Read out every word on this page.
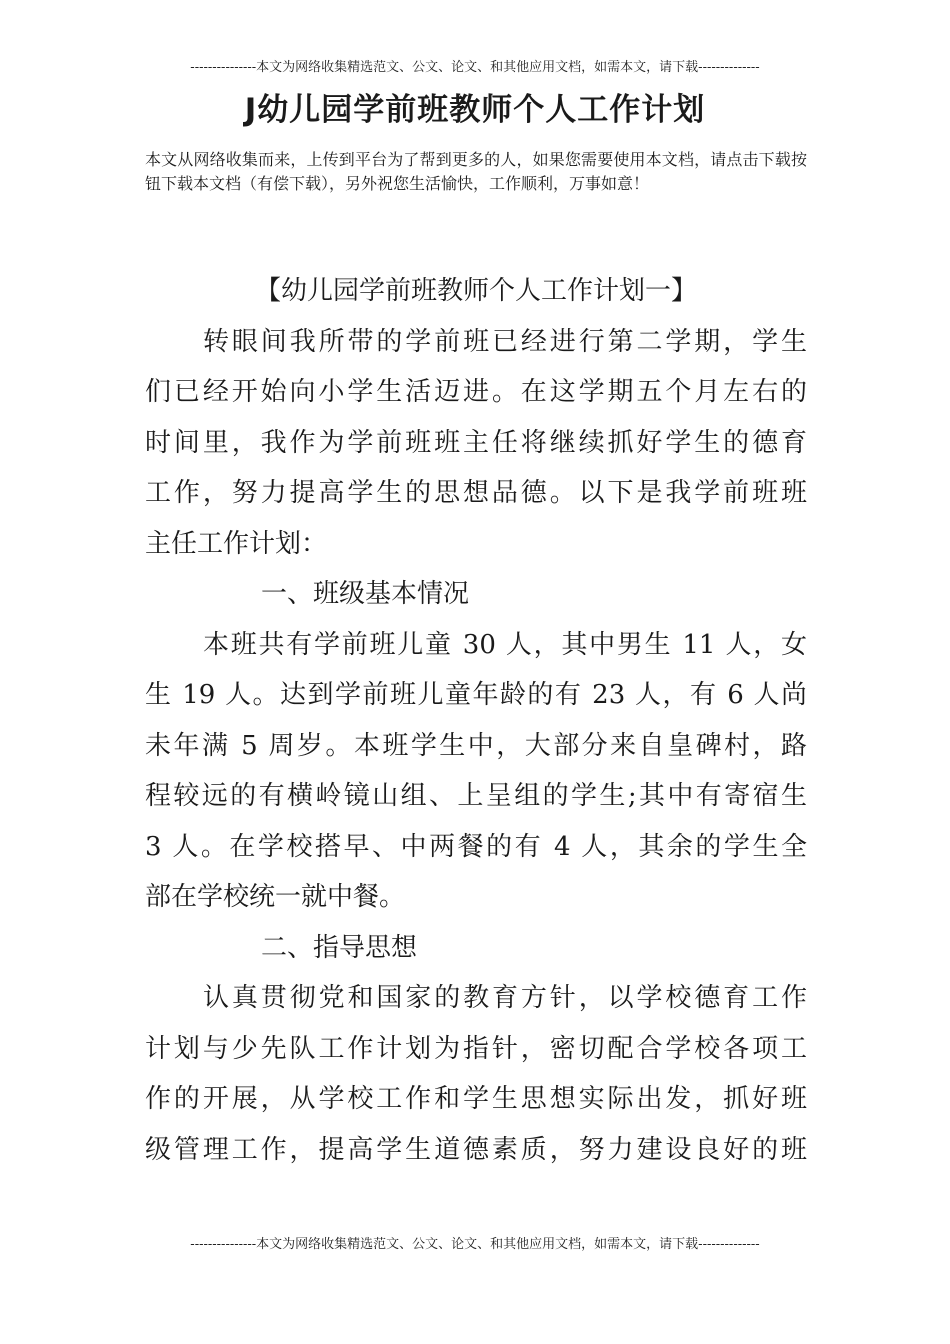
---------------本文为网络收集精选范文、公文、论文、和其他应用文档，如需本文，请下载--------------
J幼儿园学前班教师个人工作计划
本文从网络收集而来，上传到平台为了帮到更多的人，如果您需要使用本文档，请点击下载按钮下载本文档（有偿下载），另外祝您生活愉快，工作顺利，万事如意！
【幼儿园学前班教师个人工作计划一】
转眼间我所带的学前班已经进行第二学期，学生
们已经开始向小学生活迈进。在这学期五个月左右的
时间里，我作为学前班班主任将继续抓好学生的德育
工作，努力提高学生的思想品德。以下是我学前班班
主任工作计划：
一、班级基本情况
本班共有学前班儿童 30 人，其中男生 11 人，女
生 19 人。达到学前班儿童年龄的有 23 人，有 6 人尚
未年满 5 周岁。本班学生中，大部分来自皇碑村，路
程较远的有横岭镜山组、上呈组的学生;其中有寄宿生
3 人。在学校搭早、中两餐的有 4 人，其余的学生全
部在学校统一就中餐。
二、指导思想
认真贯彻党和国家的教育方针，以学校德育工作
计划与少先队工作计划为指针，密切配合学校各项工
作的开展，从学校工作和学生思想实际出发，抓好班
级管理工作，提高学生道德素质，努力建设良好的班
---------------本文为网络收集精选范文、公文、论文、和其他应用文档，如需本文，请下载--------------
